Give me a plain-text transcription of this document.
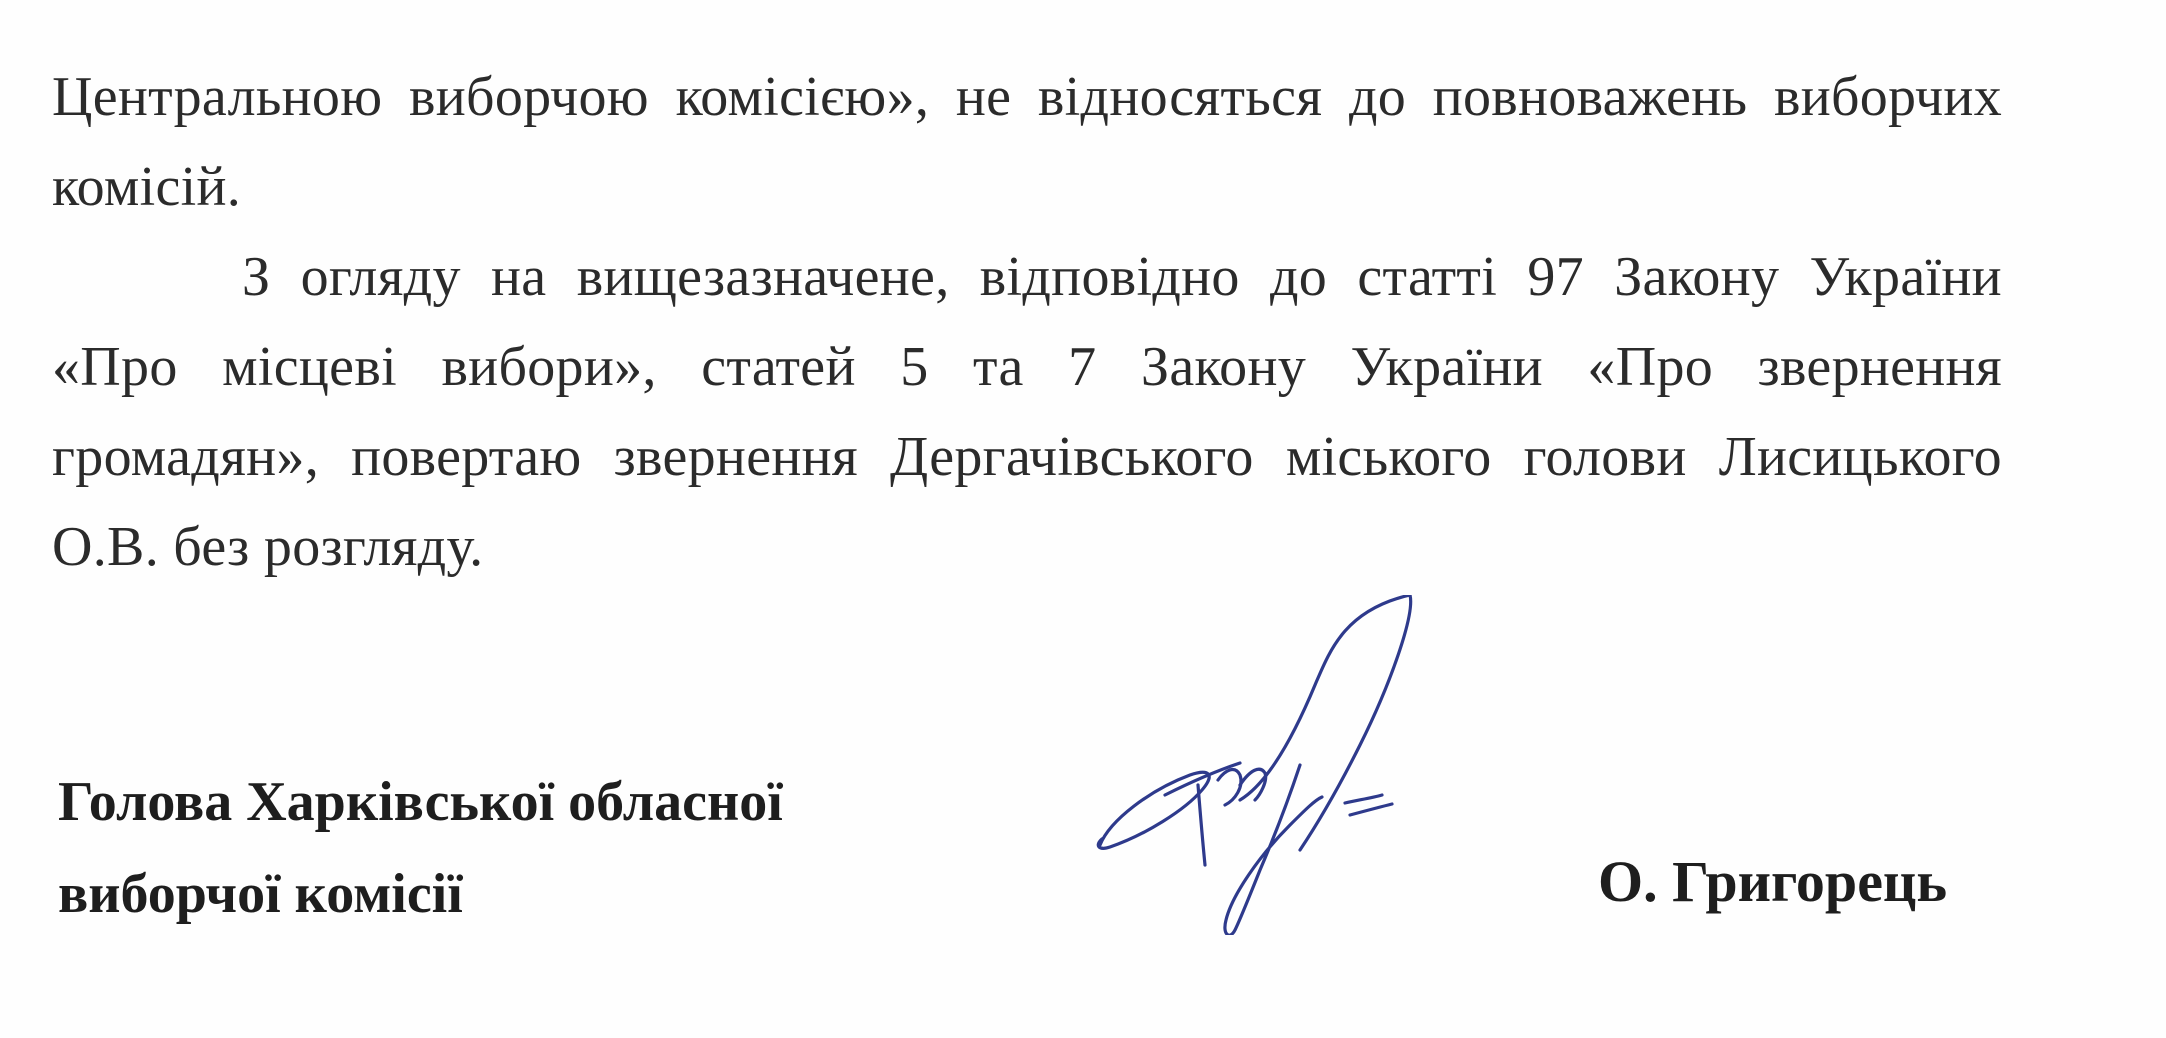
Центральною виборчою комісією», не відносяться до повноважень виборчих
комісій.
З огляду на вищезазначене, відповідно до статті 97 Закону України
«Про місцеві вибори», статей 5 та 7 Закону України «Про звернення
громадян», повертаю звернення Дергачівського міського голови Лисицького
О.В. без розгляду.
Голова Харківської обласної
виборчої комісії	О. Григорець
